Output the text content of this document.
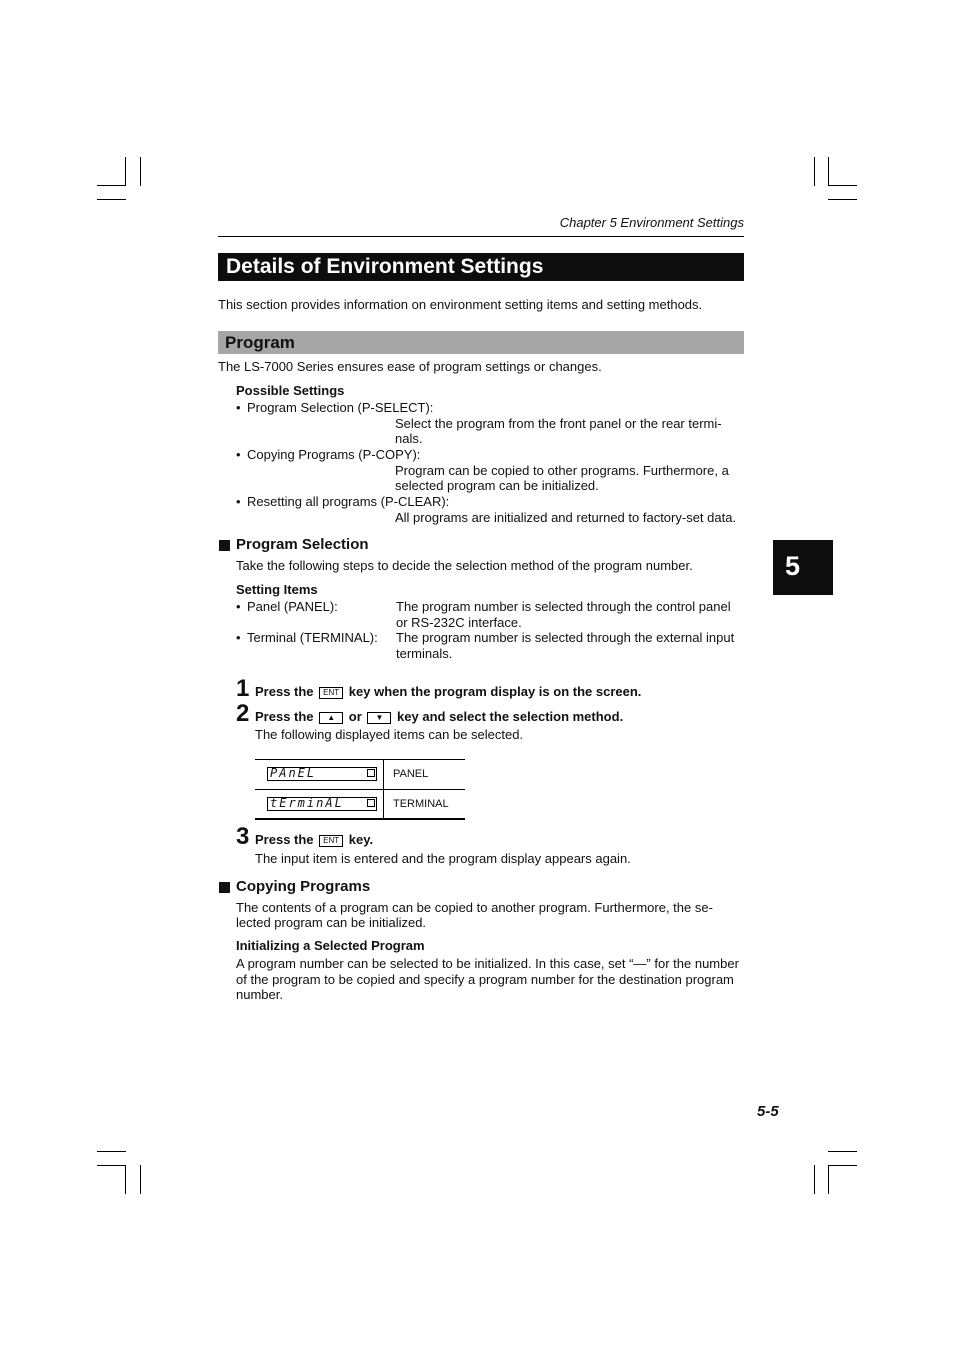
Chapter 5 Environment Settings
Details of Environment Settings
This section provides information on environment setting items and setting methods.
Program
The LS-7000 Series ensures ease of program settings or changes.
Possible Settings
• Program Selection (P-SELECT):
Select the program from the front panel or the rear termi-
nals.
• Copying Programs (P-COPY):
Program can be copied to other programs. Furthermore, a
selected program can be initialized.
• Resetting all programs (P-CLEAR):
All programs are initialized and returned to factory-set data.
Program Selection
Take the following steps to decide the selection method of the program number.
Setting Items
• Panel (PANEL):	The program number is selected through the control panel
or RS-232C interface.
• Terminal (TERMINAL): The program number is selected through the external input
terminals.
1 Press the ENT key when the program display is on the screen.
2 Press the ▲ or ▼ key and select the selection method.
The following displayed items can be selected.
PAnEL	PANEL
tErminAL	TERMINAL
3 Press the ENT key.
The input item is entered and the program display appears again.
Copying Programs
The contents of a program can be copied to another program. Furthermore, the se-
lected program can be initialized.
Initializing a Selected Program
A program number can be selected to be initialized. In this case, set “—” for the number
of the program to be copied and specify a program number for the destination program
number.
5
5-5
